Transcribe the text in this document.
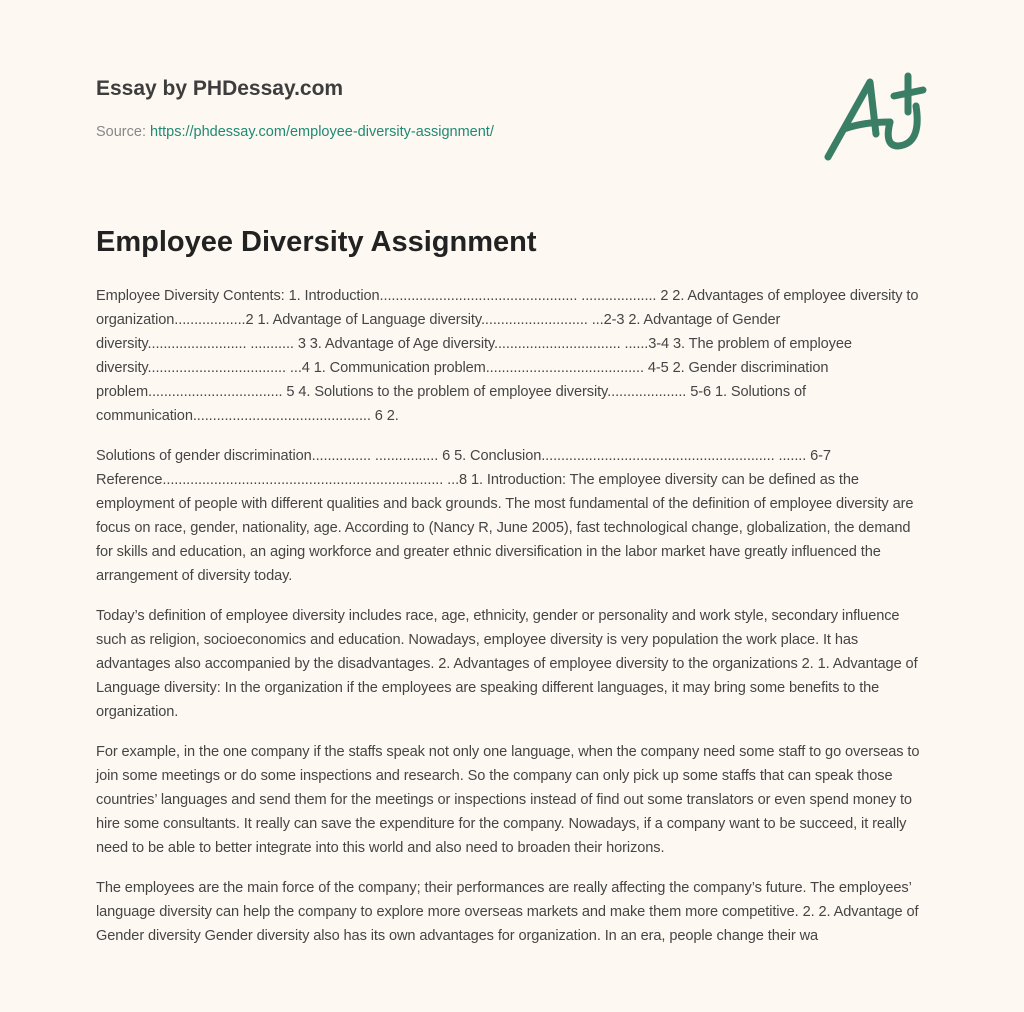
Essay by PHDessay.com
Source: https://phdessay.com/employee-diversity-assignment/
Employee Diversity Assignment

Employee Diversity Contents: 1. Introduction.................................................. ................... 2 2. Advantages of employee diversity to organization..................2 1. Advantage of Language diversity........................... ...2-3 2. Advantage of Gender diversity......................... ........... 3 3. Advantage of Age diversity................................ ......3-4 3. The problem of employee diversity................................... ...4 1. Communication problem........................................ 4-5 2. Gender discrimination problem.................................. 5 4. Solutions to the problem of employee diversity.................... 5-6 1. Solutions of communication............................................. 6 2.

Solutions of gender discrimination............... ................ 6 5. Conclusion........................................................... ....... 6-7 Reference....................................................................... ...8 1. Introduction: The employee diversity can be defined as the employment of people with different qualities and back grounds. The most fundamental of the definition of employee diversity are focus on race, gender, nationality, age. According to (Nancy R, June 2005), fast technological change, globalization, the demand for skills and education, an aging workforce and greater ethnic diversification in the labor market have greatly influenced the arrangement of diversity today.

Today’s definition of employee diversity includes race, age, ethnicity, gender or personality and work style, secondary influence such as religion, socioeconomics and education. Nowadays, employee diversity is very population the work place. It has advantages also accompanied by the disadvantages. 2. Advantages of employee diversity to the organizations 2. 1. Advantage of Language diversity: In the organization if the employees are speaking different languages, it may bring some benefits to the organization.

For example, in the one company if the staffs speak not only one language, when the company need some staff to go overseas to join some meetings or do some inspections and research. So the company can only pick up some staffs that can speak those countries’ languages and send them for the meetings or inspections instead of find out some translators or even spend money to hire some consultants. It really can save the expenditure for the company. Nowadays, if a company want to be succeed, it really need to be able to better integrate into this world and also need to broaden their horizons.

The employees are the main force of the company; their performances are really affecting the company’s future. The employees’ language diversity can help the company to explore more overseas markets and make them more competitive. 2. 2. Advantage of Gender diversity Gender diversity also has its own advantages for organization. In an era, people change their wa
